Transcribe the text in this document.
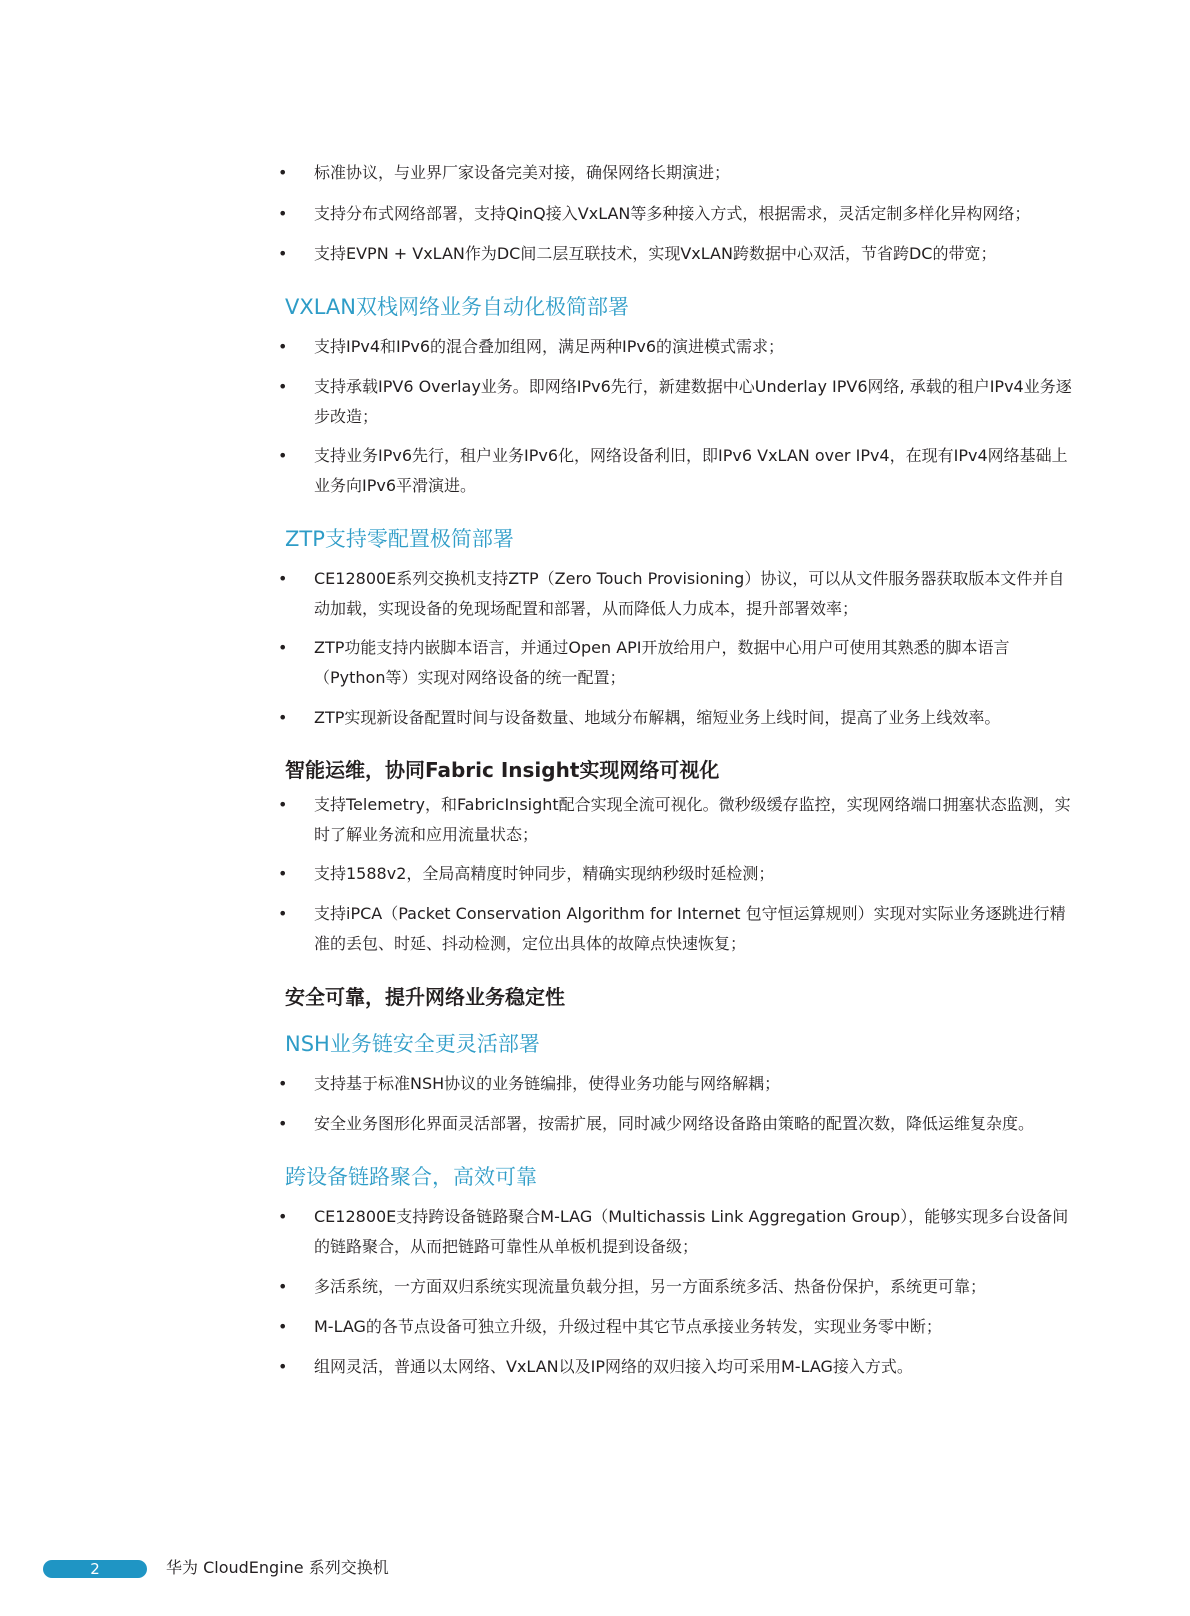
•	标准协议，与业界厂家设备完美对接，确保网络长期演进；
•	支持分布式网络部署，支持QinQ接入VxLAN等多种接入方式，根据需求，灵活定制多样化异构网络；
•	支持EVPN + VxLAN作为DC间二层互联技术，实现VxLAN跨数据中心双活，节省跨DC的带宽；
VXLAN双栈网络业务自动化极简部署
•	支持IPv4和IPv6的混合叠加组网，满足两种IPv6的演进模式需求；
•	支持承载IPV6 Overlay业务。即网络IPv6先行，新建数据中心Underlay IPV6网络, 承载的租户IPv4业务逐步改造；
•	支持业务IPv6先行，租户业务IPv6化，网络设备利旧，即IPv6 VxLAN over IPv4，在现有IPv4网络基础上业务向IPv6平滑演进。
ZTP支持零配置极简部署
•	CE12800E系列交换机支持ZTP（Zero Touch Provisioning）协议，可以从文件服务器获取版本文件并自动加载，实现设备的免现场配置和部署，从而降低人力成本，提升部署效率；
•	ZTP功能支持内嵌脚本语言，并通过Open API开放给用户，数据中心用户可使用其熟悉的脚本语言（Python等）实现对网络设备的统一配置；
•	ZTP实现新设备配置时间与设备数量、地域分布解耦，缩短业务上线时间，提高了业务上线效率。
智能运维，协同Fabric Insight实现网络可视化
•	支持Telemetry，和FabricInsight配合实现全流可视化。微秒级缓存监控，实现网络端口拥塞状态监测，实时了解业务流和应用流量状态；
•	支持1588v2，全局高精度时钟同步，精确实现纳秒级时延检测；
•	支持iPCA（Packet Conservation Algorithm for Internet 包守恒运算规则）实现对实际业务逐跳进行精准的丢包、时延、抖动检测，定位出具体的故障点快速恢复；
安全可靠，提升网络业务稳定性
NSH业务链安全更灵活部署
•	支持基于标准NSH协议的业务链编排，使得业务功能与网络解耦；
•	安全业务图形化界面灵活部署，按需扩展，同时减少网络设备路由策略的配置次数，降低运维复杂度。
跨设备链路聚合，高效可靠
•	CE12800E支持跨设备链路聚合M-LAG（Multichassis Link Aggregation Group），能够实现多台设备间的链路聚合，从而把链路可靠性从单板机提到设备级；
•	多活系统，一方面双归系统实现流量负载分担，另一方面系统多活、热备份保护，系统更可靠；
•	M-LAG的各节点设备可独立升级，升级过程中其它节点承接业务转发，实现业务零中断；
•	组网灵活，普通以太网络、VxLAN以及IP网络的双归接入均可采用M-LAG接入方式。
2	华为 CloudEngine 系列交换机
